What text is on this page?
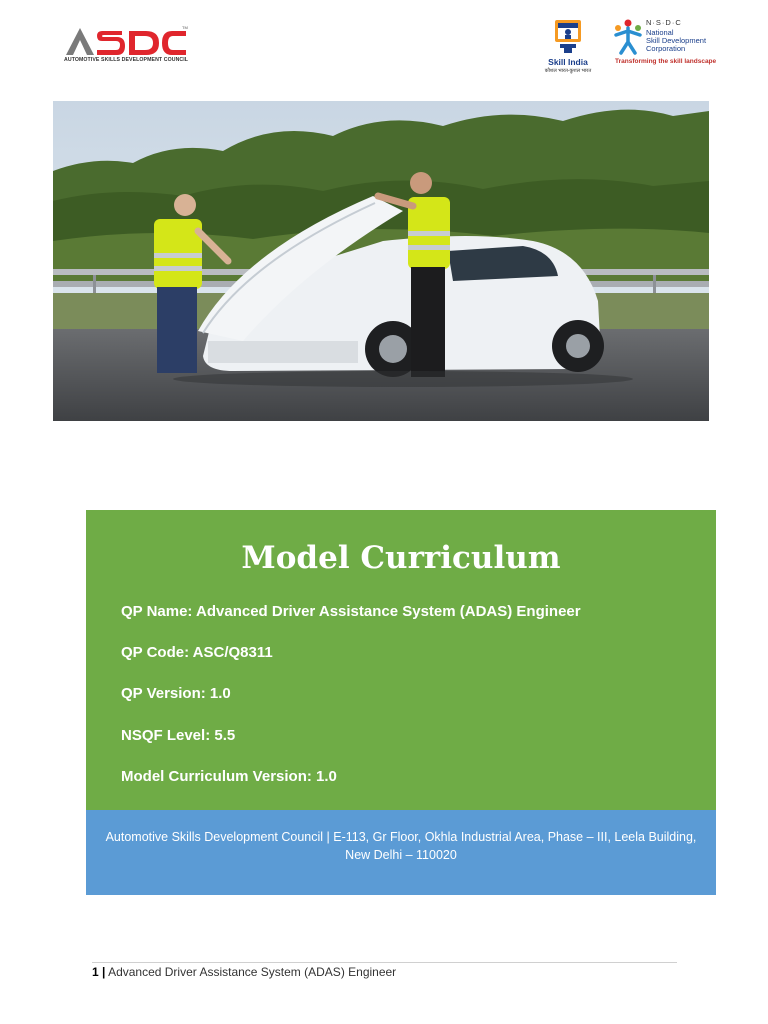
TM
AUTOMOTIVE SKILLS DEVELOPMENT COUNCIL	Skill India
कौशल भारत-कुशल भारत
N·S·D·C
National
Skill Development
Corporation
Transforming the skill landscape
Model Curriculum
QP Name: Advanced Driver Assistance System (ADAS) Engineer
QP Code: ASC/Q8311
QP Version: 1.0
NSQF Level: 5.5
Model Curriculum Version: 1.0
Automotive Skills Development Council | E-113, Gr Floor, Okhla Industrial Area, Phase – III, Leela Building,
New Delhi – 110020
1 | Advanced Driver Assistance System (ADAS) Engineer
